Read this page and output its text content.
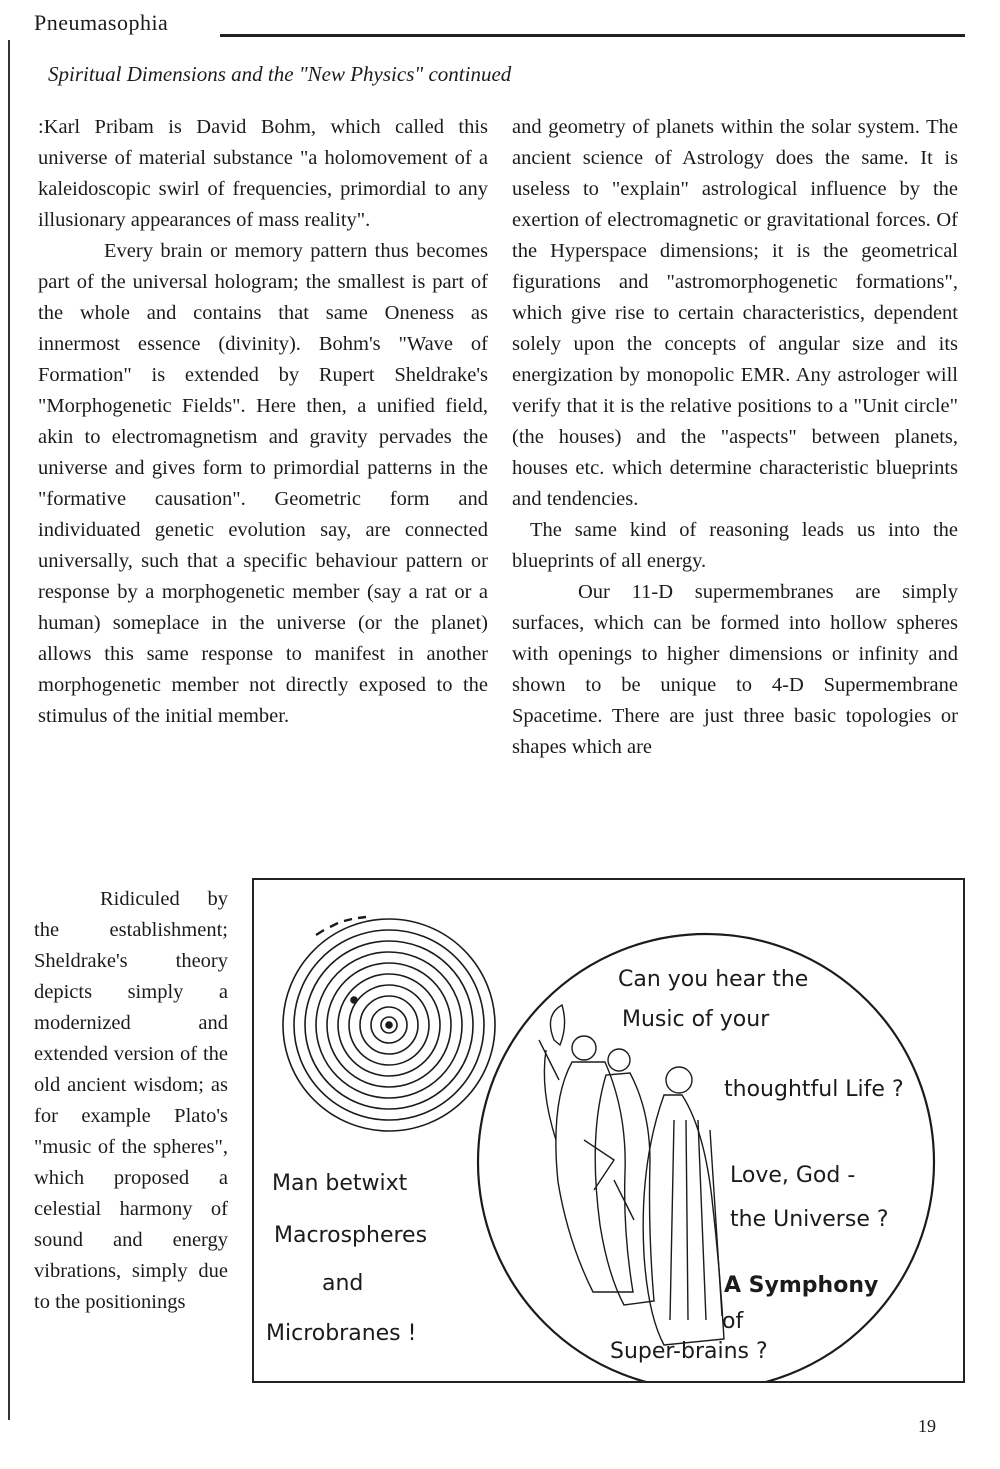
Pneumasophia
Spiritual Dimensions and the "New Physics" continued

:Karl Pribam is David Bohm, which called this universe of material substance "a holomovement of a kaleidoscopic swirl of frequencies, primordial to any illusionary appearances of mass reality".

Every brain or memory pattern thus becomes part of the universal hologram; the smallest is part of the whole and contains that same Oneness as innermost essence (divinity). Bohm's "Wave of Formation" is extended by Rupert Sheldrake's "Morphogenetic Fields". Here then, a unified field, akin to electromagnetism and gravity pervades the universe and gives form to primordial patterns in the "formative causation". Geometric form and individuated genetic evolution say, are connected universally, such that a specific behaviour pattern or response by a morphogenetic member (say a rat or a human) someplace in the universe (or the planet) allows this same response to manifest in another morphogenetic member not directly exposed to the stimulus of the initial member.

and geometry of planets within the solar system. The ancient science of Astrology does the same. It is useless to "explain" astrological influence by the exertion of electromagnetic or gravitational forces. Of the Hyperspace dimensions; it is the geometrical figurations and "astromorphogenetic formations", which give rise to certain characteristics, dependent solely upon the concepts of angular size and its energization by monopolic EMR. Any astrologer will verify that it is the relative positions to a "Unit circle" (the houses) and the "aspects" between planets, houses etc. which determine characteristic blueprints and tendencies.

The same kind of reasoning leads us into the blueprints of all energy.

Our 11-D supermembranes are simply surfaces, which can be formed into hollow spheres with openings to higher dimensions or infinity and shown to be unique to 4-D Supermembrane Spacetime. There are just three basic topologies or shapes which are

Ridiculed by the establishment; Sheldrake's theory depicts simply a modernized and extended version of the old ancient wisdom; as for example Plato's "music of the spheres", which proposed a celestial harmony of sound and energy vibrations, simply due to the positionings

Man betwixt
Macrospheres
and
Microbranes !
Can you hear the
Music of your
thoughtful Life ?
Love, God -
the Universe ?
A Symphony
of
Super-brains ?
19
